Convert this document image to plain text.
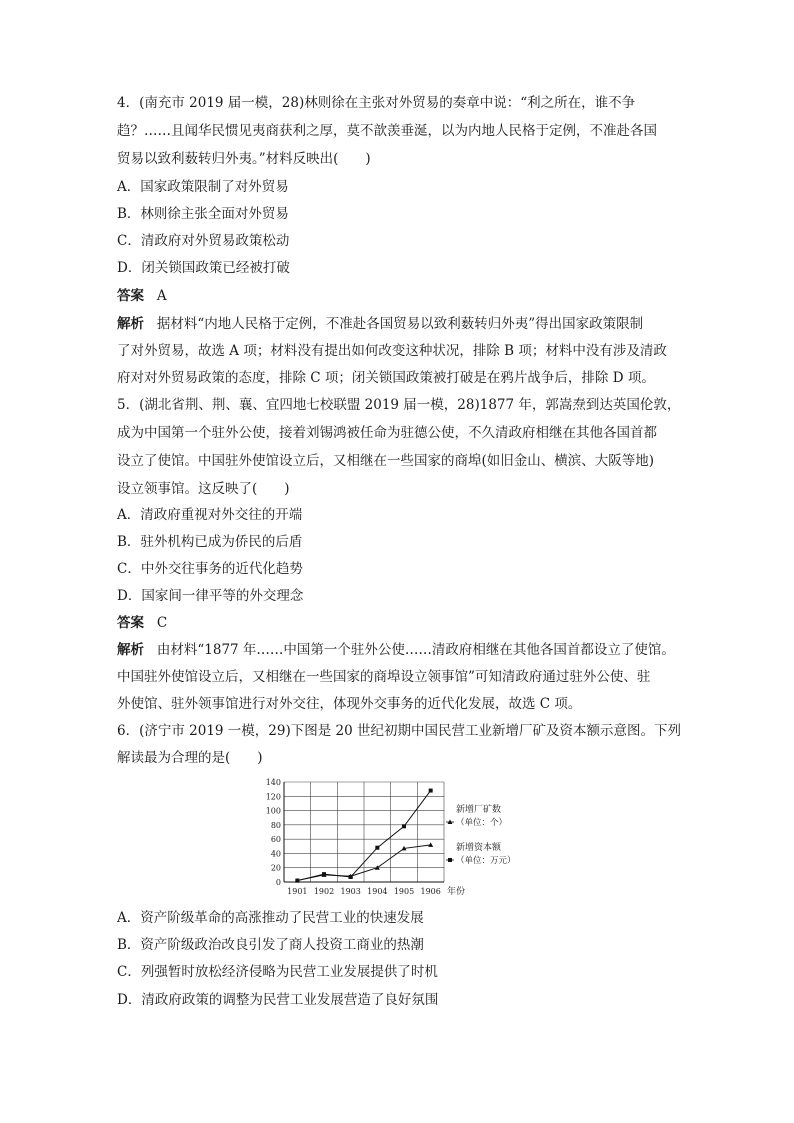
4．(南充市 2019 届一模，28)林则徐在主张对外贸易的奏章中说：“利之所在，谁不争
趋？……且闻华民惯见夷商获利之厚，莫不歆羡垂涎，以为内地人民格于定例，不准赴各国
贸易以致利薮转归外夷。”材料反映出(　　)
A．国家政策限制了对外贸易
B．林则徐主张全面对外贸易
C．清政府对外贸易政策松动
D．闭关锁国政策已经被打破
答案 A
解析 据材料“内地人民格于定例，不准赴各国贸易以致利薮转归外夷”得出国家政策限制
了对外贸易，故选 A 项；材料没有提出如何改变这种状况，排除 B 项；材料中没有涉及清政
府对对外贸易政策的态度，排除 C 项；闭关锁国政策被打破是在鸦片战争后，排除 D 项。
5．(湖北省荆、荆、襄、宜四地七校联盟 2019 届一模，28)1877 年，郭嵩焘到达英国伦敦，
成为中国第一个驻外公使，接着刘锡鸿被任命为驻德公使，不久清政府相继在其他各国首都
设立了使馆。中国驻外使馆设立后，又相继在一些国家的商埠(如旧金山、横滨、大阪等地)
设立领事馆。这反映了(　　)
A．清政府重视对外交往的开端
B．驻外机构已成为侨民的后盾
C．中外交往事务的近代化趋势
D．国家间一律平等的外交理念
答案 C
解析 由材料“1877 年……中国第一个驻外公使……清政府相继在其他各国首都设立了使馆。
中国驻外使馆设立后，又相继在一些国家的商埠设立领事馆”可知清政府通过驻外公使、驻
外使馆、驻外领事馆进行对外交往，体现外交事务的近代化发展，故选 C 项。
6．(济宁市 2019 一模，29)下图是 20 世纪初期中国民营工业新增厂矿及资本额示意图。下列
解读最为合理的是(　　)
0
20
40
60
80
100
120
140
1901 1902 1903 1904 1905 1906 年份
新增厂矿数
（单位：个）
新增资本额
（单位：万元）
A．资产阶级革命的高涨推动了民营工业的快速发展
B．资产阶级政治改良引发了商人投资工商业的热潮
C．列强暂时放松经济侵略为民营工业发展提供了时机
D．清政府政策的调整为民营工业发展营造了良好氛围
